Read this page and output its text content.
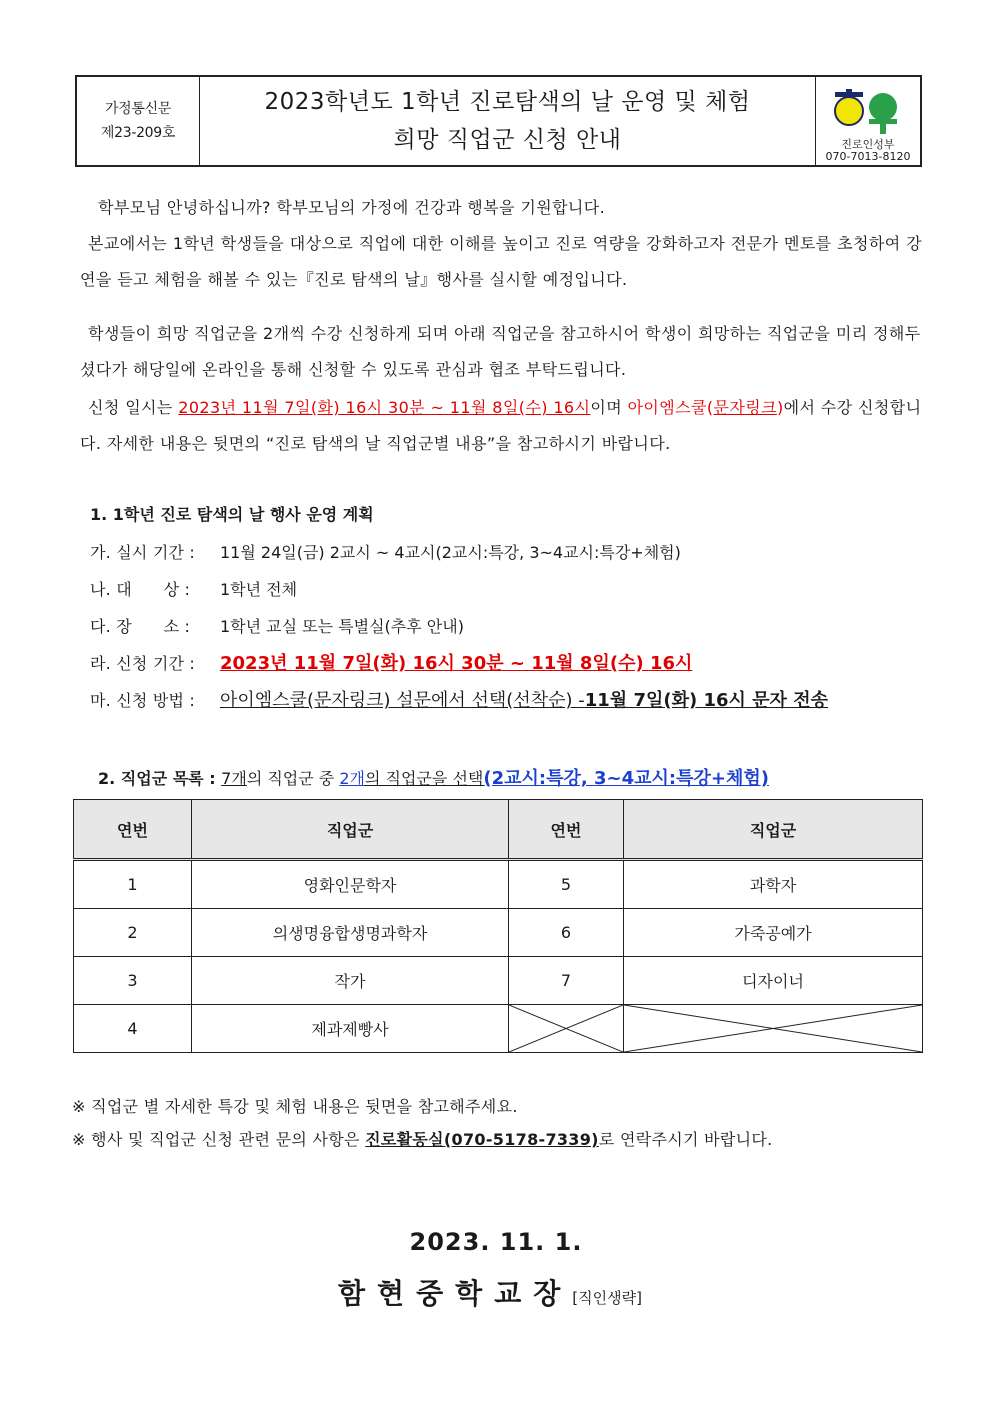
가정통신문
제23-209호
2023학년도 1학년 진로탐색의 날 운영 및 체험
희망 직업군 신청 안내	진로인성부
070-7013-8120
학부모님 안녕하십니까? 학부모님의 가정에 건강과 행복을 기원합니다.
본교에서는 1학년 학생들을 대상으로 직업에 대한 이해를 높이고 진로 역량을 강화하고자 전문가 멘토를 초청하여 강연을 듣고 체험을 해볼 수 있는『진로 탐색의 날』행사를 실시할 예정입니다.
학생들이 희망 직업군을 2개씩 수강 신청하게 되며 아래 직업군을 참고하시어 학생이 희망하는 직업군을 미리 정해두셨다가 해당일에 온라인을 통해 신청할 수 있도록 관심과 협조 부탁드립니다.
신청 일시는 2023년 11월 7일(화) 16시 30분 ~ 11월 8일(수) 16시이며 아이엠스쿨(문자링크)에서 수강 신청합니다. 자세한 내용은 뒷면의 “진로 탐색의 날 직업군별 내용”을 참고하시기 바랍니다.
1. 1학년 진로 탐색의 날 행사 운영 계획
가. 실시 기간 :	11월 24일(금) 2교시 ~ 4교시(2교시:특강, 3~4교시:특강+체험)
나. 대      상 :	1학년 전체
다. 장      소 :	1학년 교실 또는 특별실(추후 안내)
라. 신청 기간 :	2023년 11월 7일(화) 16시 30분 ~ 11월 8일(수) 16시
마. 신청 방법 :	아이엠스쿨(문자링크) 설문에서 선택(선착순) - 11월 7일(화) 16시 문자 전송
2. 직업군 목록 : 7개의 직업군 중 2개의 직업군을 선택(2교시:특강, 3~4교시:특강+체험)
연번	직업군	연번	직업군
1	영화인문학자	5	과학자
2	의생명융합생명과학자	6	가죽공예가
3	작가	7	디자이너
4	제과제빵사	

※ 직업군 별 자세한 특강 및 체험 내용은 뒷면을 참고해주세요.
※ 행사 및 직업군 신청 관련 문의 사항은 진로활동실(070-5178-7339)로 연락주시기 바랍니다.
2023. 11. 1.
함현중학교장[직인생략]
